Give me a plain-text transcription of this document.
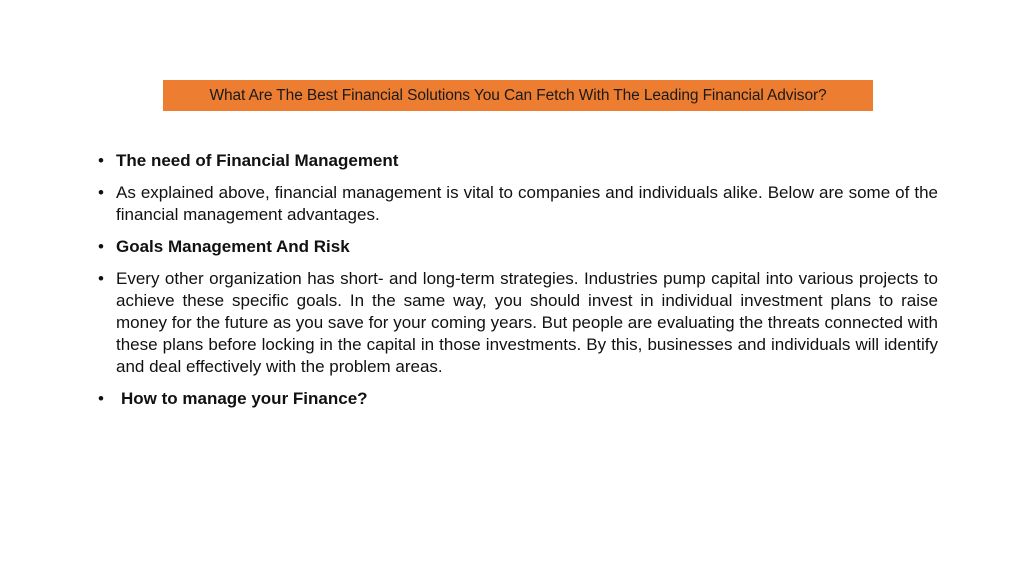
What Are The Best Financial Solutions You Can Fetch With The Leading Financial Advisor?
• The need of Financial Management
• As explained above, financial management is vital to companies and individuals alike. Below are some of the financial management advantages.
• Goals Management And Risk
• Every other organization has short- and long-term strategies. Industries pump capital into various projects to achieve these specific goals. In the same way, you should invest in individual investment plans to raise money for the future as you save for your coming years. But people are evaluating the threats connected with these plans before locking in the capital in those investments. By this, businesses and individuals will identify and deal effectively with the problem areas.
• How to manage your Finance?
